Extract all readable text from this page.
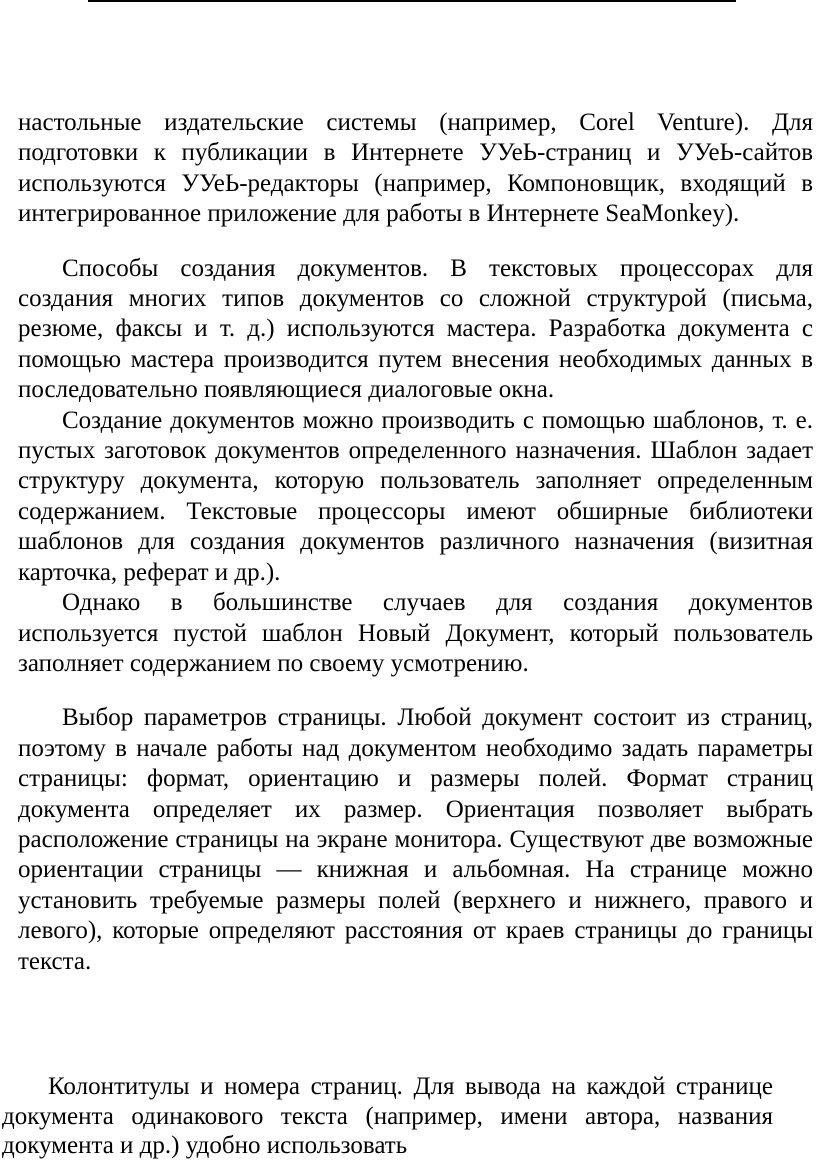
настольные издательские системы (например, Corel Venture). Для подготовки к публикации в Интернете УУеЬ-страниц и УУеЬ-сайтов используются УУеЬ-редакторы (например, Компоновщик, входящий в интегрированное приложение для работы в Интернете SeaMonkey).

Способы создания документов. В текстовых процессорах для создания многих типов документов со сложной структурой (письма, резюме, факсы и т. д.) используются мастера. Разработка документа с помощью мастера производится путем внесения необходимых данных в последовательно появляющиеся диалоговые окна.

Создание документов можно производить с помощью шаблонов, т. е. пустых заготовок документов определенного назначения. Шаблон задает структуру документа, которую пользователь заполняет определенным содержанием. Текстовые процессоры имеют обширные библиотеки шаблонов для создания документов различного назначения (визитная карточка, реферат и др.).

Однако в большинстве случаев для создания документов используется пустой шаблон Новый Документ, который пользователь заполняет содержанием по своему усмотрению.

Выбор параметров страницы. Любой документ состоит из страниц, поэтому в начале работы над документом необходимо задать параметры страницы: формат, ориентацию и размеры полей. Формат страниц документа определяет их размер. Ориентация позволяет выбрать расположение страницы на экране монитора. Существуют две возможные ориентации страницы — книжная и альбомная. На странице можно установить требуемые размеры полей (верхнего и нижнего, правого и левого), которые определяют расстояния от краев страницы до границы текста.

Колонтитулы и номера страниц. Для вывода на каждой странице документа одинакового текста (например, имени автора, названия документа и др.) удобно использовать
